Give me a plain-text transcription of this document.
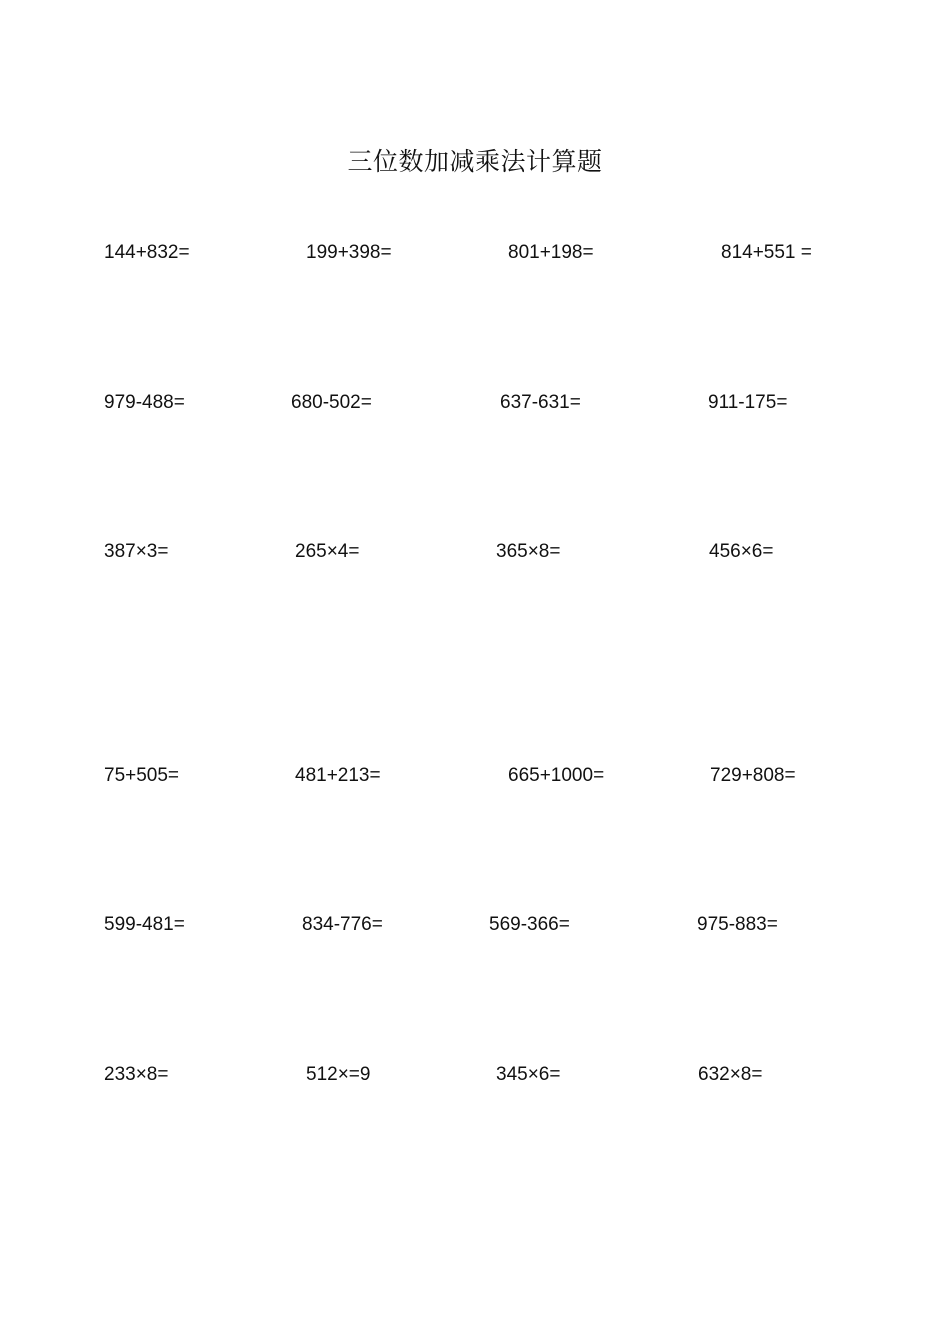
三位数加减乘法计算题
144+832=	199+398=	801+198=	814+551 =
979-488=	680-502=	637-631=	911-175=
387×3=	265×4=	365×8=	456×6=
75+505=	481+213=	665+1000=	729+808=
599-481=	834-776=	569-366=	975-883=
233×8=	512×=9	345×6=	632×8=
